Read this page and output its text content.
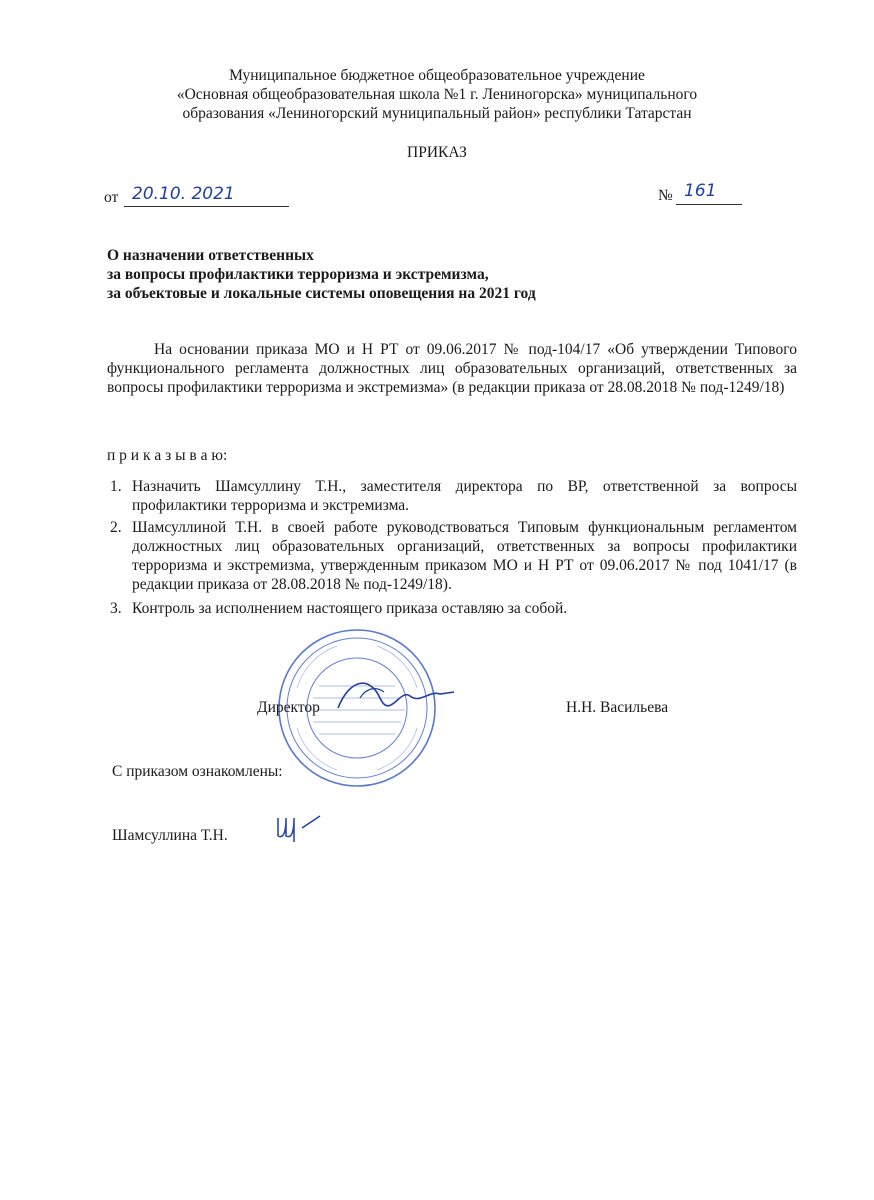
Муниципальное бюджетное общеобразовательное учреждение
«Основная общеобразовательная школа №1 г. Лениногорска» муниципального
образования «Лениногорский муниципальный район» республики Татарстан
ПРИКАЗ
от 20.10. 2021	№ 161
О назначении ответственных
за вопросы профилактики терроризма и экстремизма,
за объектовые и локальные системы оповещения на 2021 год
На основании приказа МО и Н РТ от 09.06.2017 № под-104/17 «Об утверждении Типового функционального регламента должностных лиц образовательных организаций, ответственных за вопросы профилактики терроризма и экстремизма» (в редакции приказа от 28.08.2018 № под-1249/18)
п р и к а з ы в а ю:
1. Назначить Шамсуллину Т.Н., заместителя директора по ВР, ответственной за вопросы профилактики терроризма и экстремизма.
2. Шамсуллиной Т.Н. в своей работе руководствоваться Типовым функциональным регламентом должностных лиц образовательных организаций, ответственных за вопросы профилактики терроризма и экстремизма, утвержденным приказом МО и Н РТ от 09.06.2017 № под 1041/17 (в редакции приказа от 28.08.2018 № под-1249/18).
3. Контроль за исполнением настоящего приказа оставляю за собой.
Директор	Н.Н. Васильева
С приказом ознакомлены:
Шамсуллина Т.Н.
